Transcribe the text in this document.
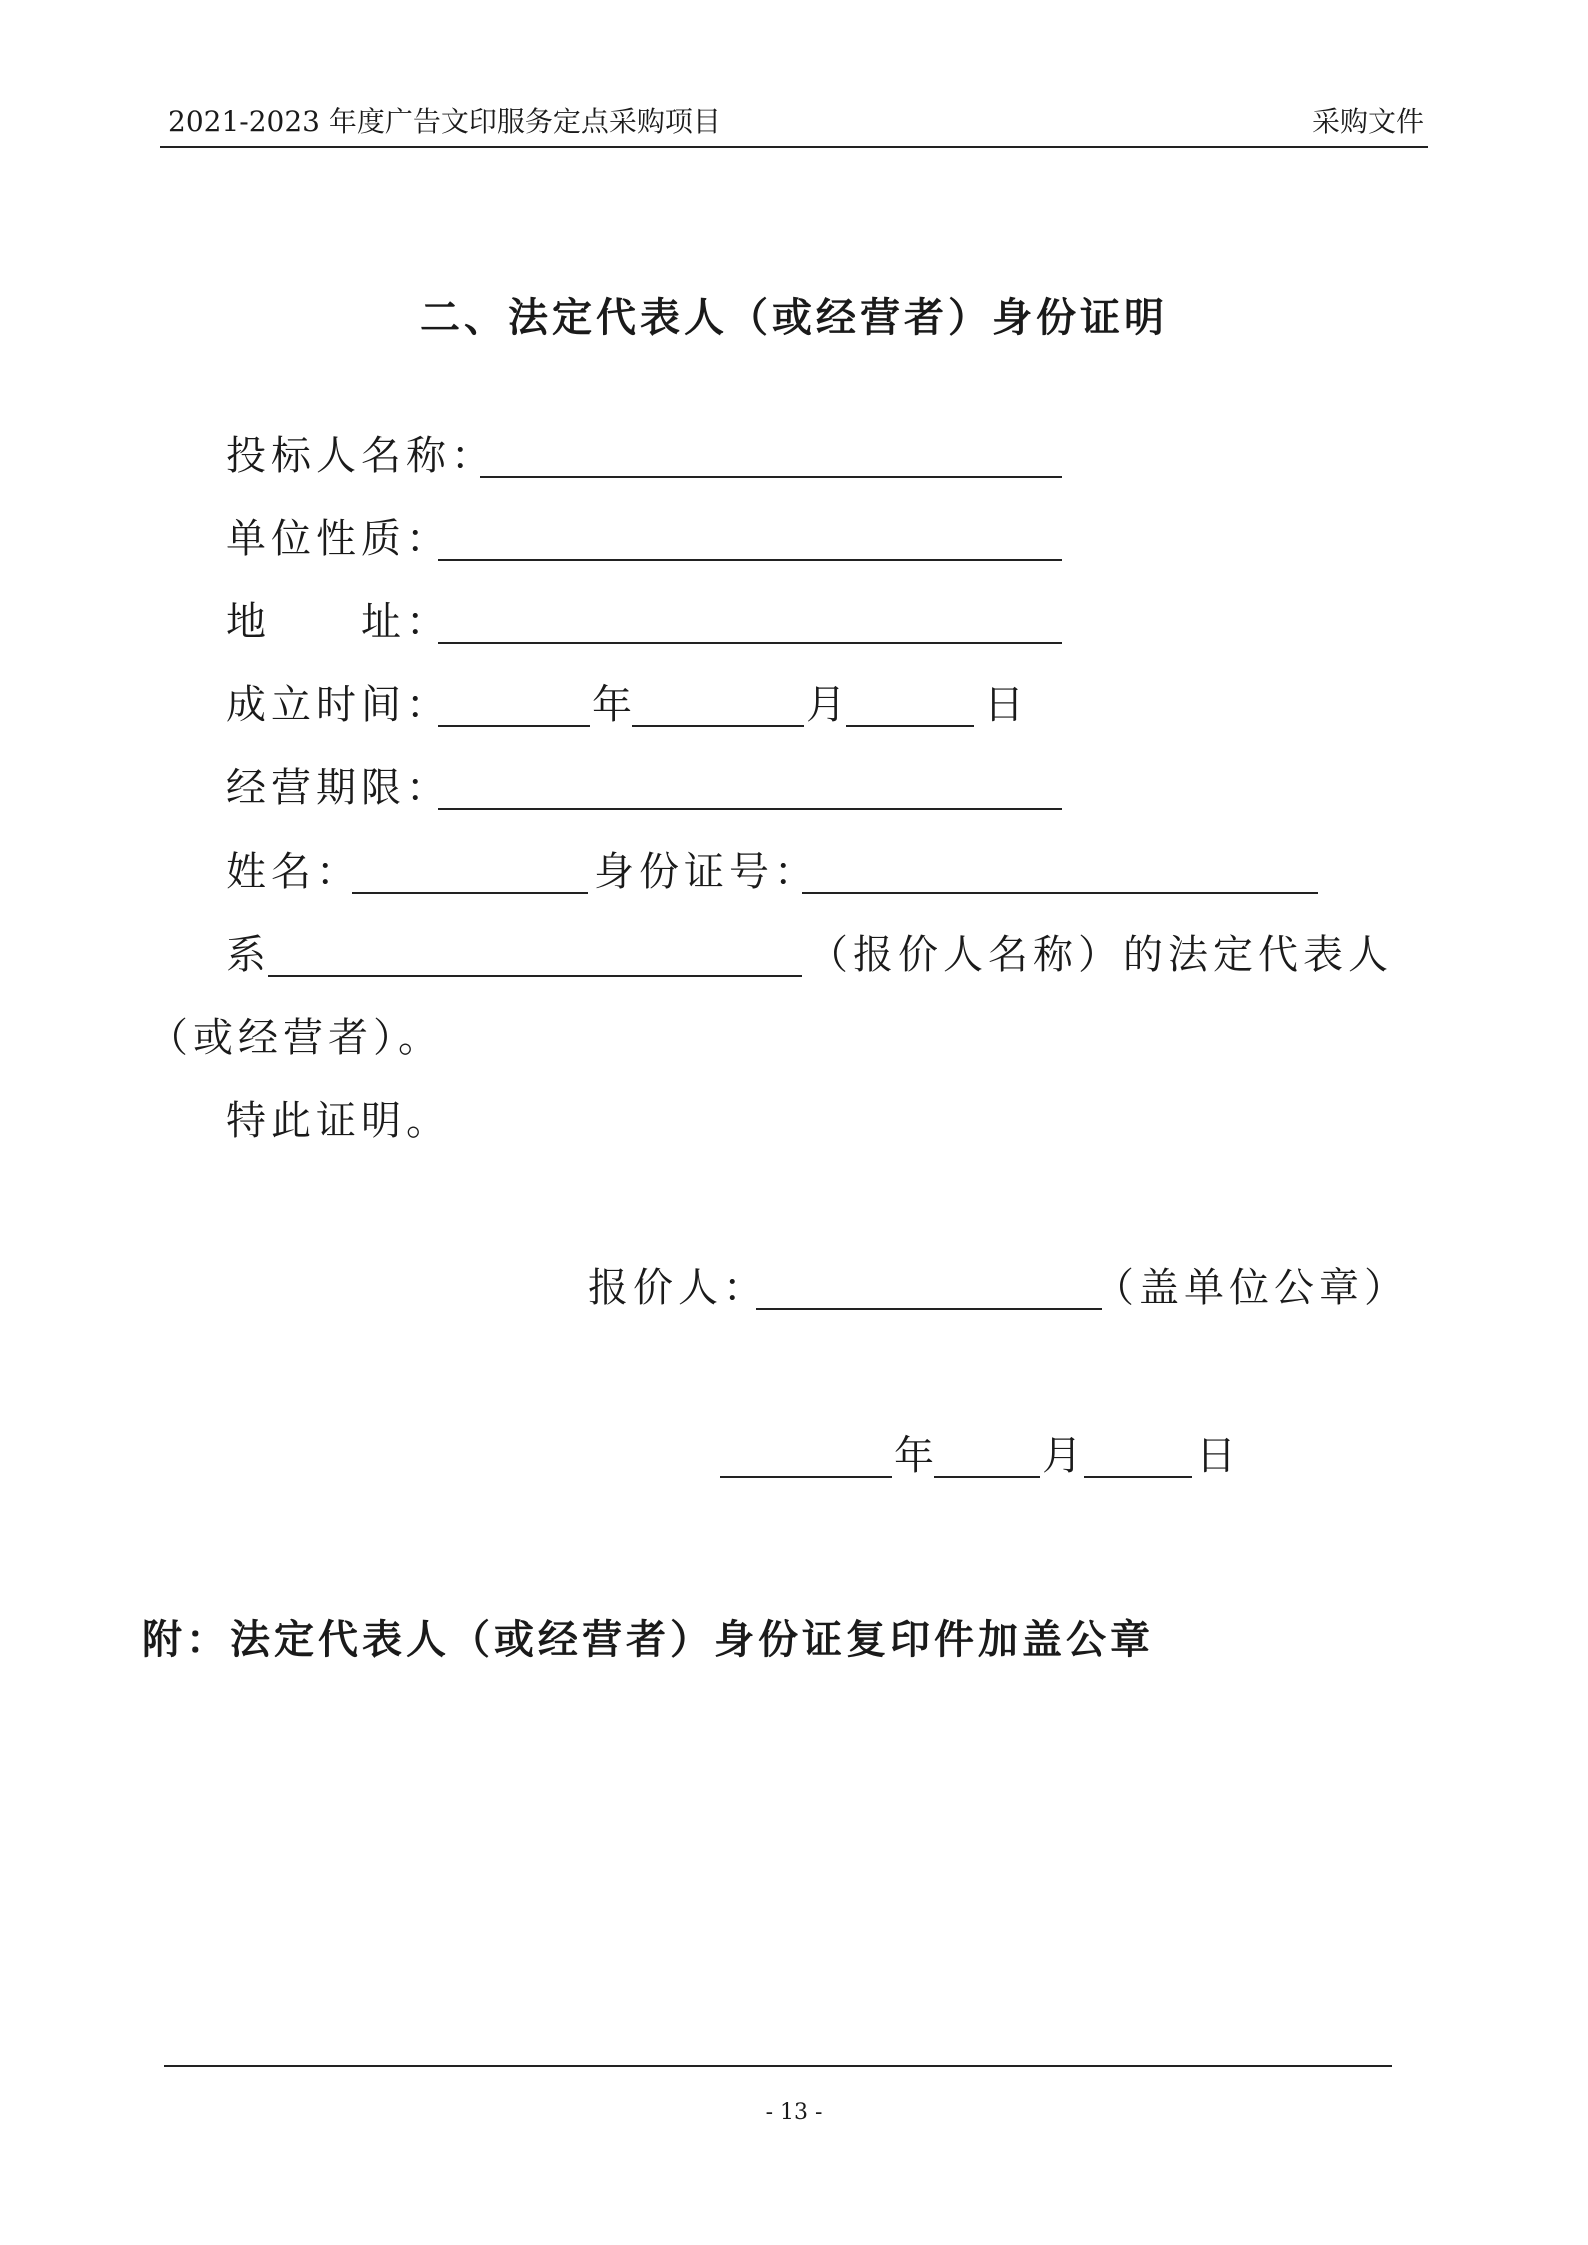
2021-2023 年度广告文印服务定点采购项目	采购文件
二、法定代表人（或经营者）身份证明
投标人名称：
单位性质：
地　　址：
成立时间：	年	月	日
经营期限：
姓名：	身份证号：
系	（报价人名称）的法定代表人
（或经营者）。
特此证明。
报价人：	（盖单位公章）
年	月	日
附：法定代表人（或经营者）身份证复印件加盖公章
- 13 -
